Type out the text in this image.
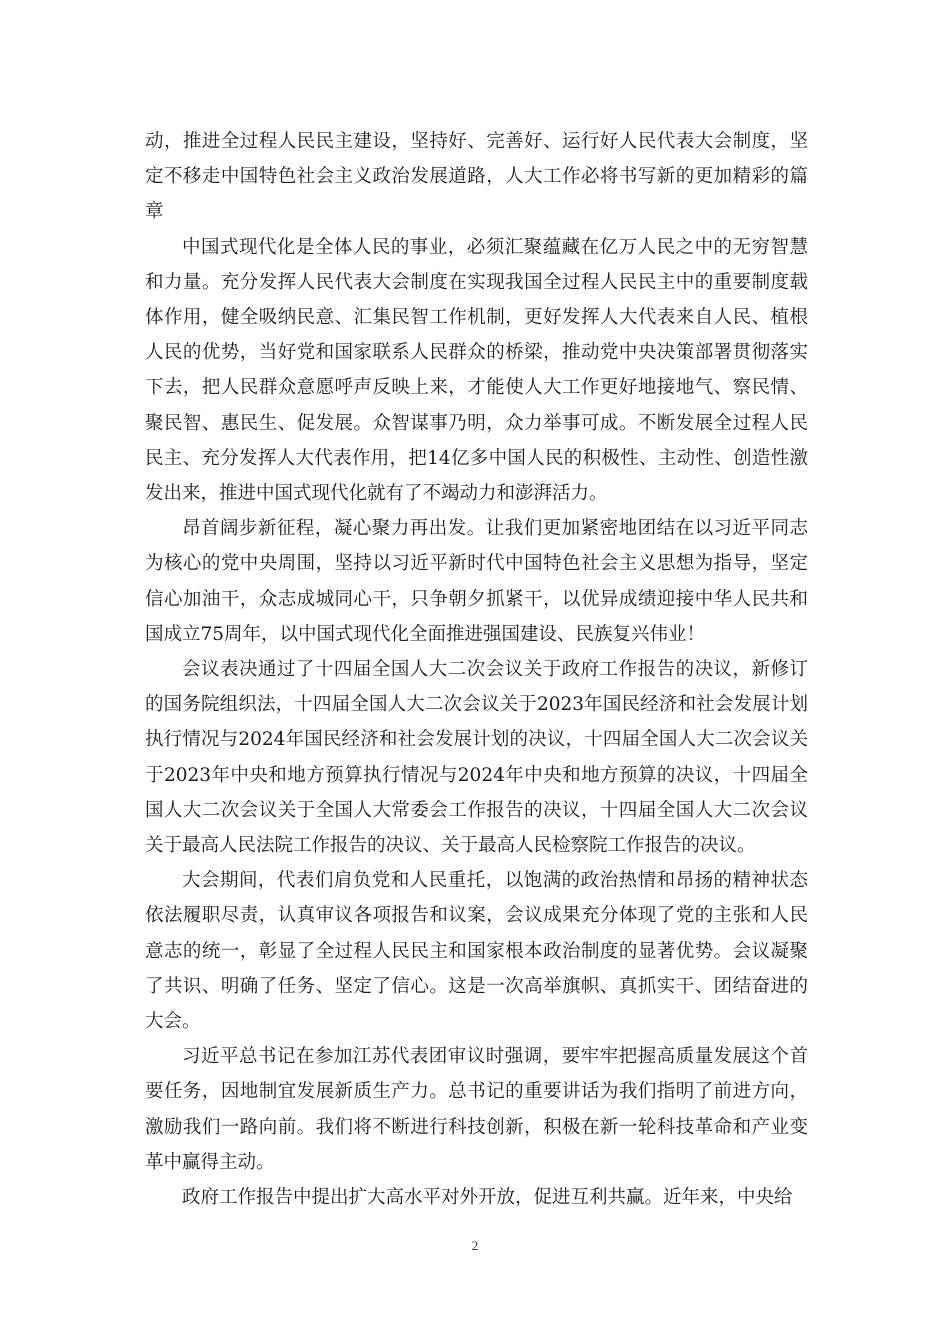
动，推进全过程人民民主建设，坚持好、完善好、运行好人民代表大会制度，坚定不移走中国特色社会主义政治发展道路，人大工作必将书写新的更加精彩的篇章

中国式现代化是全体人民的事业，必须汇聚蕴藏在亿万人民之中的无穷智慧和力量。充分发挥人民代表大会制度在实现我国全过程人民民主中的重要制度载体作用，健全吸纳民意、汇集民智工作机制，更好发挥人大代表来自人民、植根人民的优势，当好党和国家联系人民群众的桥梁，推动党中央决策部署贯彻落实下去，把人民群众意愿呼声反映上来，才能使人大工作更好地接地气、察民情、聚民智、惠民生、促发展。众智谋事乃明，众力举事可成。不断发展全过程人民民主、充分发挥人大代表作用，把14亿多中国人民的积极性、主动性、创造性激发出来，推进中国式现代化就有了不竭动力和澎湃活力。

昂首阔步新征程，凝心聚力再出发。让我们更加紧密地团结在以习近平同志为核心的党中央周围，坚持以习近平新时代中国特色社会主义思想为指导，坚定信心加油干，众志成城同心干，只争朝夕抓紧干，以优异成绩迎接中华人民共和国成立75周年，以中国式现代化全面推进强国建设、民族复兴伟业！

会议表决通过了十四届全国人大二次会议关于政府工作报告的决议，新修订的国务院组织法，十四届全国人大二次会议关于2023年国民经济和社会发展计划执行情况与2024年国民经济和社会发展计划的决议，十四届全国人大二次会议关于2023年中央和地方预算执行情况与2024年中央和地方预算的决议，十四届全国人大二次会议关于全国人大常委会工作报告的决议，十四届全国人大二次会议关于最高人民法院工作报告的决议、关于最高人民检察院工作报告的决议。

大会期间，代表们肩负党和人民重托，以饱满的政治热情和昂扬的精神状态依法履职尽责，认真审议各项报告和议案，会议成果充分体现了党的主张和人民意志的统一，彰显了全过程人民民主和国家根本政治制度的显著优势。会议凝聚了共识、明确了任务、坚定了信心。这是一次高举旗帜、真抓实干、团结奋进的大会。

习近平总书记在参加江苏代表团审议时强调，要牢牢把握高质量发展这个首要任务，因地制宜发展新质生产力。总书记的重要讲话为我们指明了前进方向，激励我们一路向前。我们将不断进行科技创新，积极在新一轮科技革命和产业变革中赢得主动。

政府工作报告中提出扩大高水平对外开放，促进互利共赢。近年来，中央给

2
